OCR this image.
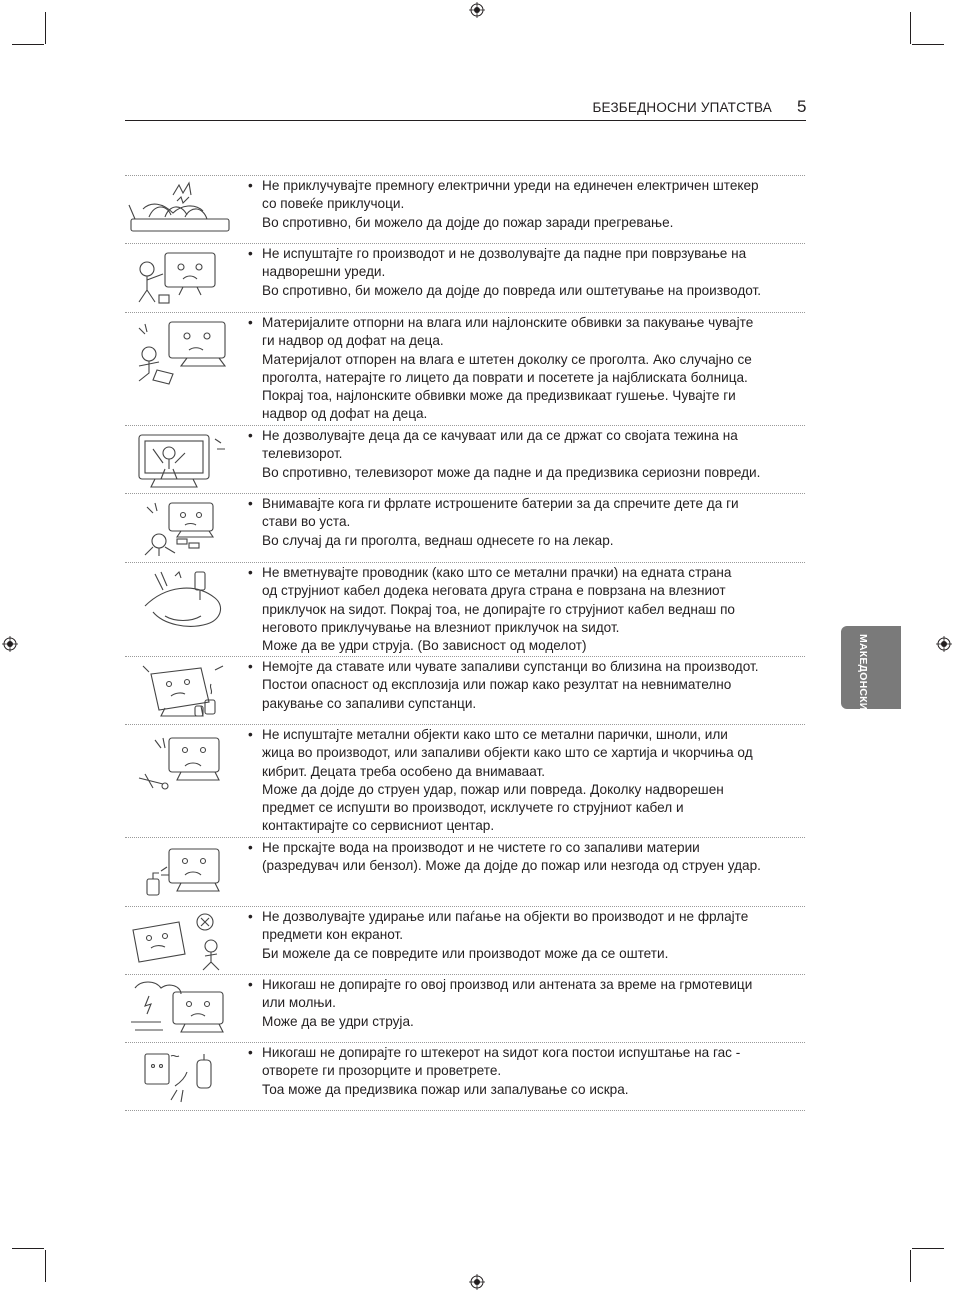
БЕЗБЕДНОСНИ УПАТСТВА 5
МАКЕДОНСКИ
• Не приклучувајте премногу електрични уреди на единечен електричен штекер

со повеќе приклучоци.

Во спротивно, би можело да дојде до пожар заради прегревање.

• Не испуштајте го производот и не дозволувајте да падне при поврзување на

надворешни уреди.

Во спротивно, би можело да дојде до повреда или оштетување на производот.

• Материјалите отпорни на влага или најлонските обвивки за пакување чувајте

ги надвор од дофат на деца.

Материјалот отпорен на влага е штетен доколку се проголта. Ако случајно се

проголта, натерајте го лицето да поврати и посетете ја најблиската болница.

Покрај тоа, најлонските обвивки може да предизвикаат гушење. Чувајте ги

надвор од дофат на деца.

• Не дозволувајте деца да се качуваат или да се држат со својата тежина на

телевизорот.

Во спротивно, телевизорот може да падне и да предизвика сериозни повреди.

• Внимавајте кога ги фрлате истрошените батерии за да спречите дете да ги

стави во уста.

Во случај да ги проголта, веднаш однесете го на лекар.

• Не вметнувајте проводник (како што се метални прачки) на едната страна

од струјниот кабел додека неговата друга страна е поврзана на влезниот

приклучок на ѕидот. Покрај тоа, не допирајте го струјниот кабел веднаш по

неговото приклучување на влезниот приклучок на ѕидот.

Може да ве удри струја. (Во зависност од моделот)

• Немојте да ставате или чувате запаливи супстанци во близина на производот.

Постои опасност од експлозија или пожар како резултат на невнимателно

ракување со запаливи супстанци.

• Не испуштајте метални објекти како што се метални парички, шноли, или

жица во производот, или запаливи објекти како што се хартија и чкорчиња од

кибрит. Децата треба особено да внимаваат.

Може да дојде до струен удар, пожар или повреда. Доколку надворешен

предмет се испушти во производот, исклучете го струјниот кабел и

контактирајте со сервисниот центар.

• Не прскајте вода на производот и не чистете го со запаливи материи

(разредувач или бензол). Може да дојде до пожар или незгода од струен удар.

• Не дозволувајте удирање или паѓање на објекти во производот и не фрлајте

предмети кон екранот.

Би можеле да се повредите или производот може да се оштети.

• Никогаш не допирајте го овој производ или антената за време на грмотевици

или молњи.

Може да ве удри струја.

• Никогаш не допирајте го штекерот на ѕидот кога постои испуштање на гас -

отворете ги прозорците и проветрете.

Тоа може да предизвика пожар или запалување со искра.
